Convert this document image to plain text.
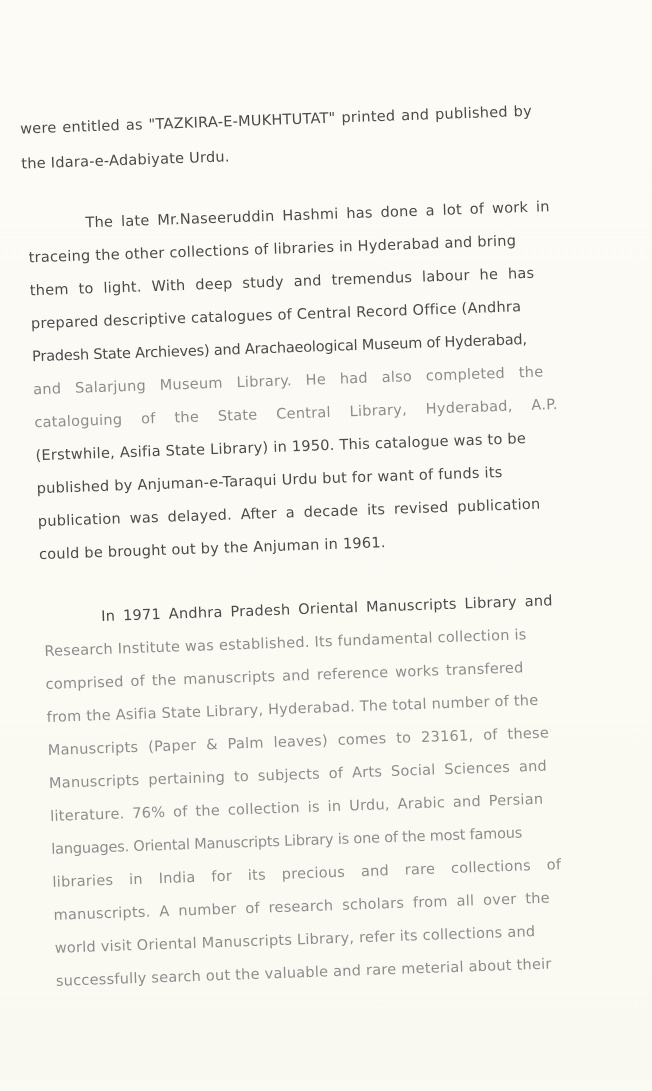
were entitled as "TAZKIRA-E-MUKHTUTAT" printed and published by
the Idara-e-Adabiyate Urdu.
The late Mr.Naseeruddin Hashmi has done a lot of work in
traceing the other collections of libraries in Hyderabad and bring
them to light. With deep study and tremendus labour he has
prepared descriptive catalogues of Central Record Office (Andhra
Pradesh State Archieves) and Arachaeological Museum of Hyderabad,
and Salarjung Museum Library. He had also completed the
cataloguing of the State Central Library, Hyderabad, A.P.
(Erstwhile, Asifia State Library) in 1950. This catalogue was to be
published by Anjuman-e-Taraqui Urdu but for want of funds its
publication was delayed. After a decade its revised publication
could be brought out by the Anjuman in 1961.
In 1971 Andhra Pradesh Oriental Manuscripts Library and
Research Institute was established. Its fundamental collection is
comprised of the manuscripts and reference works transfered
from the Asifia State Library, Hyderabad. The total number of the
Manuscripts (Paper & Palm leaves) comes to 23161, of these
Manuscripts pertaining to subjects of Arts Social Sciences and
literature. 76% of the collection is in Urdu, Arabic and Persian
languages. Oriental Manuscripts Library is one of the most famous
libraries in India for its precious and rare collections of
manuscripts. A number of research scholars from all over the
world visit Oriental Manuscripts Library, refer its collections and
successfully search out the valuable and rare meterial about their
